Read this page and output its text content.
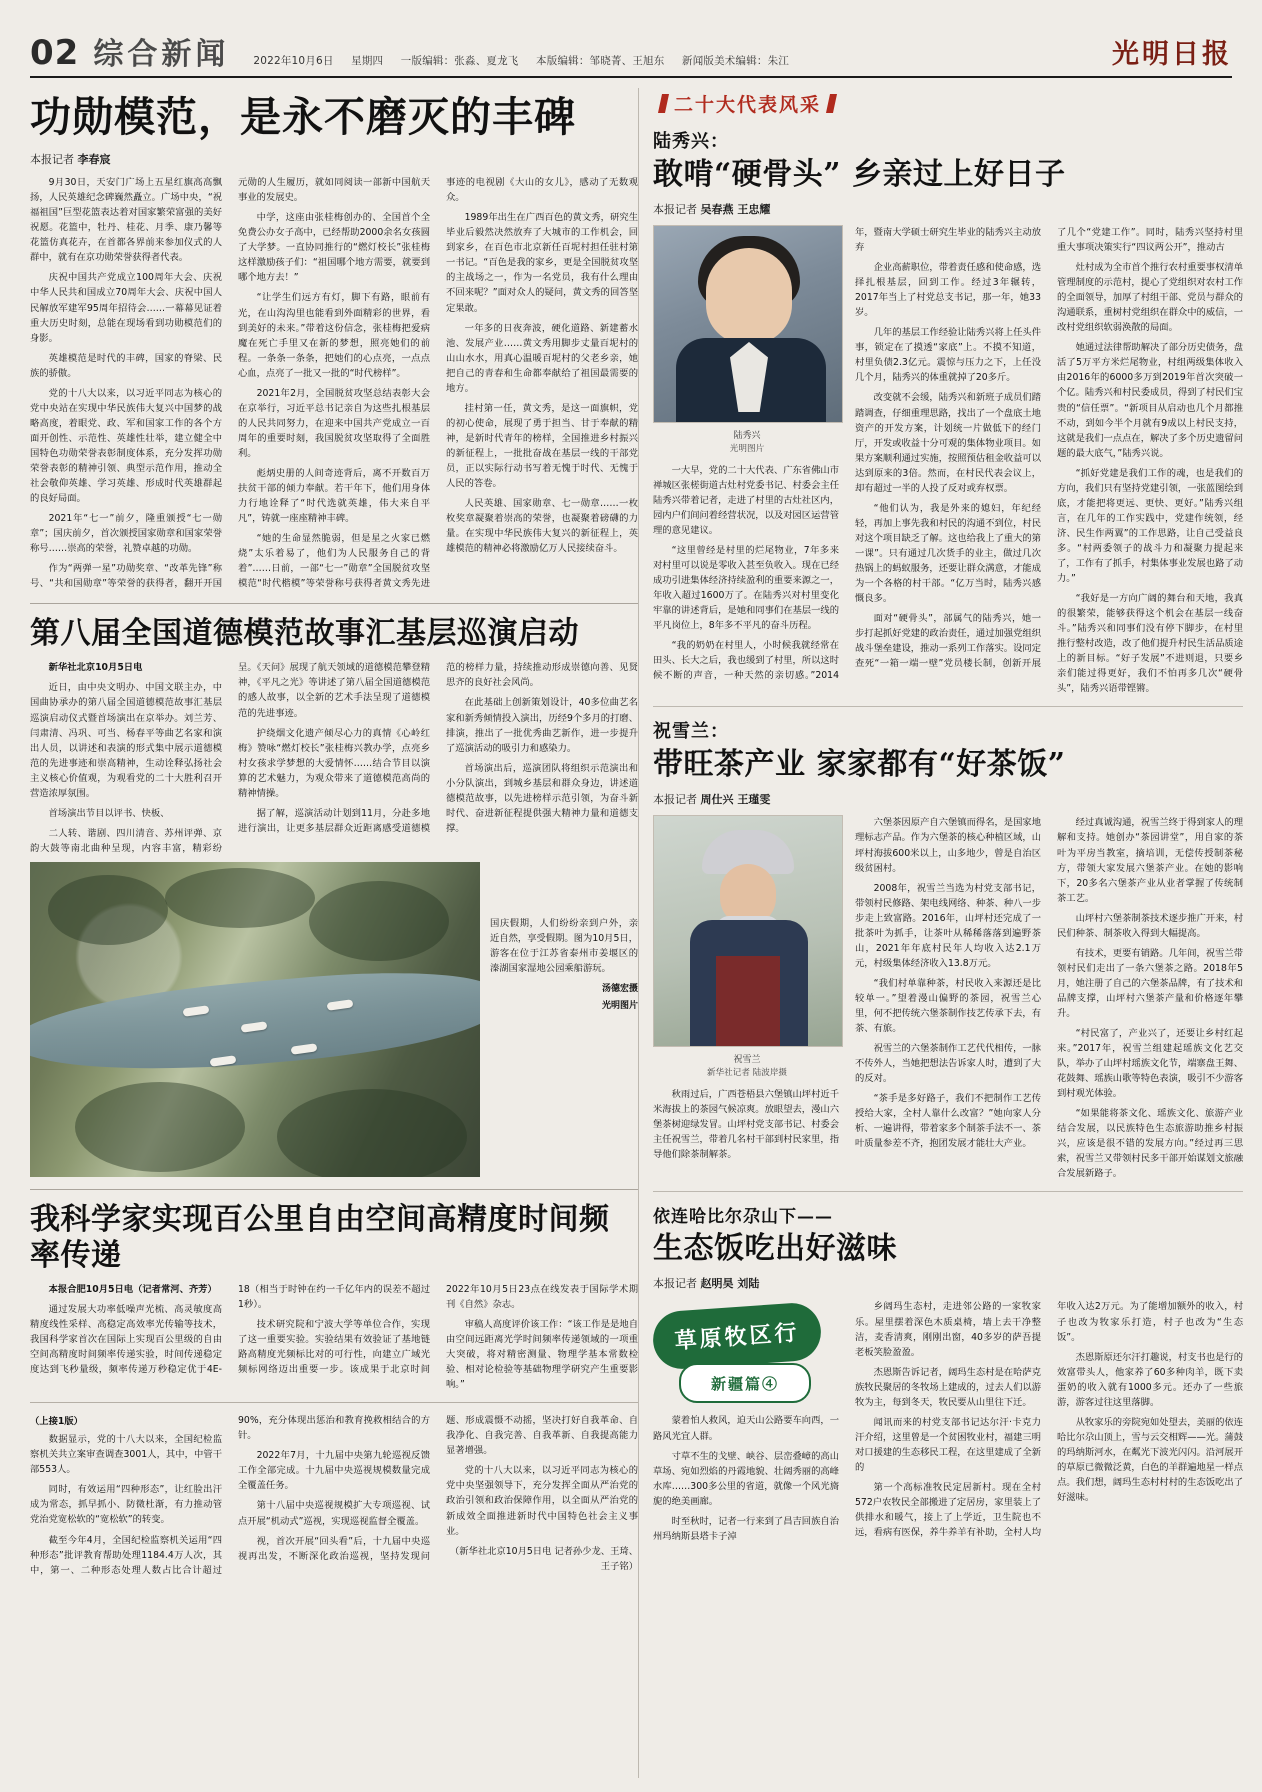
02 综合新闻 2022年10月6日 星期四 一版编辑：张淼、夏龙飞 本版编辑：邹晓菁、王旭东 新闻版美术编辑：朱江	光明日报
功勋模范，是永不磨灭的丰碑
本报记者 李春宸

9月30日，天安门广场上五星红旗高高飘扬，人民英雄纪念碑巍然矗立。广场中央，“祝福祖国”巨型花篮表达着对国家繁荣富强的美好祝愿。花篮中，牡丹、桂花、月季、康乃馨等花篮仿真花卉，在首都各界前来参加仪式的人群中，就有在京功勋荣誉获得者代表。

庆祝中国共产党成立100周年大会、庆祝中华人民共和国成立70周年大会、庆祝中国人民解放军建军95周年招待会……一幕幕见证着重大历史时刻，总能在现场看到功勋模范们的身影。

英雄模范是时代的丰碑，国家的脊梁、民族的骄傲。

党的十八大以来，以习近平同志为核心的党中央站在实现中华民族伟大复兴中国梦的战略高度，着眼党、政、军和国家工作的各个方面开创性、示范性、英雄性壮举，建立健全中国特色功勋荣誉表彰制度体系，充分发挥功勋荣誉表彰的精神引领、典型示范作用，推动全社会敬仰英雄、学习英雄、形成时代英雄群起的良好局面。

2021年“七一”前夕，隆重颁授“七一勋章”；国庆前夕，首次颁授国家勋章和国家荣誉称号……崇高的荣誉，礼赞卓越的功勋。

作为“两弹一星”功勋奖章、“改革先锋”称号、“共和国勋章”等荣誉的获得者，翻开开国元勋的人生履历，就如同阅读一部新中国航天事业的发展史。

中学，这座由张桂梅创办的、全国首个全免费公办女子高中，已经帮助2000余名女孩圆了大学梦。一直协同推行的“燃灯校长”张桂梅这样激励孩子们：“祖国哪个地方需要，就要到哪个地方去！”

“让学生们远方有灯，脚下有路，眼前有光，在山沟沟里也能看到外面精彩的世界，看到美好的未来。”带着这份信念，张桂梅把爱病魔在死亡手里又在新的梦想，照亮她们的前程。一条条一条条，把她们的心点亮，一点点心血，点亮了一批又一批的“时代榜样”。

2021年2月，全国脱贫攻坚总结表彰大会在京举行，习近平总书记亲自为这些扎根基层的人民共同努力，在迎来中国共产党成立一百周年的重要时刻，我国脱贫攻坚取得了全面胜利。

彪炳史册的人间奇迹背后，离不开数百万扶贫干部的倾力奉献。若干年下，他们用身体力行地诠释了“时代选就英雄，伟大来自平凡”，铸就一座座精神丰碑。

“她的生命显然脆弱，但是星之火家已燃烧”太乐着易了，他们为人民服务自己的背着”……日前，一部“七一”勋章”全国脱贫攻坚模范“时代楷模”等荣誉称号获得者黄文秀先进事迹的电视剧《大山的女儿》，感动了无数观众。

1989年出生在广西百色的黄文秀，研究生毕业后毅然决然放弃了大城市的工作机会，回到家乡，在百色市北京新任百坭村担任驻村第一书记。“百色是我的家乡，更是全国脱贫攻坚的主战场之一，作为一名党员，我有什么理由不回来呢？”面对众人的疑问，黄文秀的回答坚定果敢。

一年多的日夜奔波，硬化道路、新建蓄水池、发展产业……黄文秀用脚步丈量百坭村的山山水水，用真心温暖百坭村的父老乡亲，她把自己的青春和生命都奉献给了祖国最需要的地方。

挂村第一任，黄文秀，是这一面旗帜，党的初心使命，展现了勇于担当、甘于奉献的精神，是新时代青年的榜样，全国推进乡村振兴的新征程上，一批批奋战在基层一线的干部党员，正以实际行动书写着无愧于时代、无愧于人民的答卷。

人民英雄、国家勋章、七一勋章……一枚枚奖章凝聚着崇高的荣誉，也凝聚着磅礴的力量。在实现中华民族伟大复兴的新征程上，英雄模范的精神必将激励亿万人民接续奋斗。

第八届全国道德模范故事汇基层巡演启动

新华社北京10月5日电

近日，由中央文明办、中国文联主办，中国曲协承办的第八届全国道德模范故事汇基层巡演启动仪式暨首场演出在京举办。刘兰芳、闫肃清、冯巩、可当、杨春平等曲艺名家和演出人员，以讲述和表演的形式集中展示道德模范的先进事迹和崇高精神，生动诠释弘扬社会主义核心价值观，为观看党的二十大胜利召开营造浓厚氛围。

首场演出节目以评书、快板、

二人转、谐剧、四川清音、苏州评弹、京韵大鼓等南北曲种呈现，内容丰富，精彩纷呈。《天问》展现了航天领域的道德模范攀登精神，《平凡之光》等讲述了第八届全国道德模范的感人故事，以全新的艺术手法呈现了道德模范的先进事迹。

护绕烟文化遗产倾尽心力的真情《心岭红梅》赞咏“燃灯校长”张桂梅兴教办学，点亮乡村女孩求学梦想的大爱情怀……结合节目以演算的艺术魅力，为观众带来了道德模范高尚的精神情操。

据了解，巡演活动计划到11月，分赴多地进行演出，让更多基层群众近距离感受道德模范的榜样力量，持续推动形成崇德向善、见贤思齐的良好社会风尚。

在此基础上创新策划设计，40多位曲艺名家和新秀倾情投入演出，历经9个多月的打磨、排演，推出了一批优秀曲艺新作，进一步提升了巡演活动的吸引力和感染力。

首场演出后，巡演团队将组织示范演出和小分队演出，到城乡基层和群众身边，讲述道德模范故事，以先进榜样示范引领，为奋斗新时代、奋进新征程提供强大精神力量和道德支撑。

国庆假期，人们纷纷亲到户外，亲近自然，享受假期。图为10月5日，游客在位于江苏省泰州市姜堰区的溱湖国家湿地公园乘船游玩。

汤德宏摄

光明图片

我科学家实现百公里自由空间高精度时间频率传递

本报合肥10月5日电（记者常河、齐芳）

通过发展大功率低噪声光梳、高灵敏度高精度线性采样、高稳定高效率光传输等技术，我国科学家首次在国际上实现百公里级的自由空间高精度时间频率传递实验，时间传递稳定度达到飞秒量级，频率传递万秒稳定优于4E-18（相当于时钟在约一千亿年内的误差不超过1秒）。

技术研究院和宁波大学等单位合作，实现了这一重要实验。实验结果有效验证了基地链路高精度光频标比对的可行性，向建立广域光频标网络迈出重要一步。该成果于北京时间2022年10月5日23点在线发表于国际学术期刊《自然》杂志。

审稿人高度评价该工作：“该工作是是地自由空间远距离光学时间频率传递领域的一项重大突破，将对精密测量、物理学基本常数检验、相对论检验等基础物理学研究产生重要影响。”

（上接1版）

数据显示，党的十八大以来，全国纪检监察机关共立案审查调查3001人，其中，中管干部553人。

同时，有效运用“四种形态”，让红脸出汗成为常态，抓早抓小、防微杜渐，有力推动管党治党宽松软的“宽松软”的转变。

截至今年4月，全国纪检监察机关运用“四种形态”批评教育帮助处理1184.4万人次，其中，第一、二种形态处理人数占比合计超过90%，充分体现出惩治和教育挽救相结合的方针。

2022年7月，十九届中央第九轮巡视反馈工作全部完成。十九届中央巡视规模数量完成全覆盖任务。

第十八届中央巡视规模扩大专项巡视、试点开展“机动式”巡视，实现巡视监督全覆盖。

视，首次开展“回头看”后，十九届中央巡视再出发，不断深化政治巡视，坚持发现问题、形成震慑不动摇，坚决打好自我革命、自我净化、自我完善、自我革新、自我提高能力显著增强。

党的十八大以来，以习近平同志为核心的党中央坚强领导下，充分发挥全面从严治党的政治引领和政治保障作用，以全面从严治党的新成效全面推进新时代中国特色社会主义事业。

（新华社北京10月5日电 记者孙少龙、王琦、王子铭）

二十大代表风采
陆秀兴：
敢啃“硬骨头” 乡亲过上好日子
本报记者 吴春燕 王忠耀
陆秀兴
光明图片

一大早，党的二十大代表、广东省佛山市禅城区张槎街道古灶村党委书记、村委会主任陆秀兴带着记者，走进了村里的古灶社区内，园内户们间问着经营状况，以及对园区运营管理的意见建议。

“这里曾经是村里的烂尾物业，7年多来对村里可以说是零收入甚至负收入。现在已经成功引进集体经济持续盈利的重要来源之一，年收入超过1600万了。在陆秀兴对村里变化牢靠的讲述背后，是她和同事们在基层一线的平凡岗位上，8年多不平凡的奋斗历程。

“我的奶奶在村里人，小时候我就经常在田头、长大之后，我也缓到了村里，所以这时候不断的声音，一种天然的亲切感。”2014年，暨南大学硕士研究生毕业的陆秀兴主动放弃

企业高薪职位，带着责任感和使命感，选择扎根基层，回到工作。经过3年辗转，2017年当上了村党总支书记，那一年，她33岁。

几年的基层工作经验让陆秀兴将上任头件事，锁定在了摸透“家底”上。不摸不知道，村里负债2.3亿元。震惊与压力之下，上任没几个月，陆秀兴的体重就掉了20多斤。

改变就不会缓，陆秀兴和新班子成员们踏踏调查，仔细重理思路，找出了一个盘底土地资产的开发方案，计划统一片做低下的经门厅，开发或收益十分可观的集体物业项目。如果方案顺利通过实施，按照预估租金收益可以达到原来的3倍。然而，在村民代表会议上，却有超过一半的人投了反对或弃权票。

“他们认为，我是外来的媳妇，年纪经轻，再加上事先我和村民的沟通不到位，村民对这个项目缺乏了解。这也给我上了重大的第一课”。只有通过几次货手的业主，做过几次热锅上的蚂蚁服务，还要让群众满意，才能成为一个各格的村干部。“亿万当时，陆秀兴感慨良多。

面对“硬骨头”，部属气的陆秀兴，她一步打起抓好党建的政治责任，通过加强党组织战斗堡垒建设，推动一系列工作落实。设同定查死“一箱一端一壁”党员楼长制，创新开展了几个“党建工作”。同时，陆秀兴坚持村里重大事项决策实行“四议两公开”，推动古

灶村成为全市首个推行农村重要事权清单管理制度的示范村，提心了党组织对农村工作的全面领导，加厚了村组干部、党员与群众的沟通联系，重树村党组织在群众中的威信，一改村党组织软弱涣散的局面。

她通过法律帮助解决了部分历史债务，盘活了5万平方米烂尾物业，村组两级集体收入由2016年的6000多万到2019年首次突破一个亿。陆秀兴和村民委成员，得到了村民们宝贵的“信任票”。“新项目从启动也几个月都推不动，到如今半个月就有9成以上村民支持，这就是我们一点点在，解决了多个历史遗留问题的最大底气，”陆秀兴说。

“抓好党建是我们工作的魂，也是我们的方向，我们只有坚持党建引领，一张蓝图绘到底，才能把将更远、更快、更好。”陆秀兴组言，在几年的工作实践中，党建作统领，经济、民生作两翼”的工作思路，让自己受益良多。“村两委领子的战斗力和凝聚力提起来了，工作有了抓手，村集体事业发展也路了动力。”

“我好是一方向广阔的舞台和天地，我真的很繁荣，能够获得这个机会在基层一线奋斗。”陆秀兴和同事们没有停下脚步，在村里推行整村改造，改了他们提升村民生活品质途上的新目标。“好子发展”不进则退，只要乡亲们能过得更好，我们不怕再多几次“硬骨头”，陆秀兴语带铿锵。

祝雪兰：
带旺茶产业 家家都有“好茶饭”
本报记者 周仕兴 王瑾雯
祝雪兰
新华社记者 陆波岸摄

秋雨过后，广西苍梧县六堡镇山坪村近千米海拔上的茶园气候凉爽。放眼望去，漫山六堡茶树迎绿发冒。山坪村党支部书记、村委会主任祝雪兰，带着几名村干部到村民家里，指导他们除茶制解茶。

六堡茶因原产自六堡镇而得名，是国家地理标志产品。作为六堡茶的核心种植区域，山坪村海拔600米以上，山多地少，曾是自治区级贫困村。

2008年，祝雪兰当选为村党支部书记，带领村民修路、架电线网络、种茶、种八一步步走上致富路。2016年，山坪村还完成了一批茶叶为抓手，让茶叶从稀稀落落到遍野茶山，2021年年底村民年人均收入达2.1万元，村级集体经济收入13.8万元。

“我们村单靠种茶，村民收入来源还是比较单一。”望着漫山偏野的茶园，祝雪兰心里，何不把传统六堡茶制作技艺传承下去，有茶、有旅。

祝雪兰的六堡茶制作工艺代代相传，一脉不传外人，当她把想法告诉家人时，遭到了大的反对。

“茶手是多好路子，我们不把制作工艺传授给大家，全村人靠什么改富？”她向家人分析、一遍讲得，带着家多个制茶手法不一、茶叶质量参差不齐，抱团发展才能壮大产业。

经过真诚沟通，祝雪兰终于得到家人的理解和支持。她创办“茶园讲堂”，用自家的茶叶为平房当教室，摘培训，无偿传授制茶秘方，带领大家发展六堡茶产业。在她的影响下，20多名六堡茶产业从业者掌握了传统制茶工艺。

山坪村六堡茶制茶技术逐步推广开来，村民们种茶、制茶收入得到大幅提高。

有技术，更要有销路。几年间，祝雪兰带领村民们走出了一条六堡茶之路。2018年5月，她注册了自己的六堡茶品牌，有了技术和品牌支撑，山坪村六堡茶产量和价格逐年攀升。

“村民富了，产业兴了，还要让乡村红起来。”2017年，祝雪兰组建起瑶族文化艺交队，举办了山坪村瑶族文化节，端寨盘王舞、花鼓舞、瑶族山歌等特色表演，吸引不少游客到村观光体验。

“如果能将茶文化、瑶族文化、旅游产业结合发展，以民族特色生态旅游助推乡村振兴，应该是很不错的发展方向。”经过再三思索，祝雪兰又带领村民多干部开始谋划文旅融合发展新路子。

依连哈比尔尕山下——
生态饭吃出好滋味
本报记者 赵明昊 刘陆
草原牧区行
新疆篇④

蒙着怕人救风，迫天山公路要车向西，一路风光宜人群。

寸草不生的戈壁、峡谷、层峦叠嶂的高山草场、宛如烈焰的丹霞地貌、壮阔秀丽的高峰水库……300多公里的省道，就像一个风光旖旎的绝美画廊。

时至秋时，记者一行来到了昌吉回族自治州玛纳斯县塔卡子淖

乡阔玛生态村，走进邻公路的一家牧家乐。屋里摆着深色木质桌椅，墙上去干净整洁，麦香清爽，刚刚出窗，40多岁的萨吾提老板笑脸盈盈。

杰恩斯告诉记者，阔玛生态村是在哈萨克族牧民聚居的冬牧场上建成的，过去人们以游牧为主，每到冬天，牧民要从山里往下迁。

闻讯而来的村党支部书记达尔汗·卡克力汗介绍，这里曾是一个贫困牧业村，福建三明对口援建的生态移民工程，在这里建成了全新的

第一个高标准牧民定居新村。现在全村572户农牧民全部搬进了定居房，家里装上了供排水和暖气，接上了上学近，卫生院也不远，看病有医保，养牛养羊有补助，全村人均年收入达2万元。为了能增加额外的收入，村子也改为牧家乐打造，村子也改为“生态饭”。

杰恩斯原还尔汗打趣说，村支书也是行的效富带头人，他家养了60多种肉羊，既下卖蛋奶的收入就有1000多元。还办了一些旅游，游客过往这里落脚。

从牧家乐的旁院宛如处望去，美丽的依连哈比尔尕山顶上，雪与云交相辉——光。蒲鼓的玛纳斯河水，在粼光下波光闪闪。沿河展开的草原已微微泛黄，白色的羊群遍地星一样点点。我们想，阔玛生态村村村的生态饭吃出了好滋味。
